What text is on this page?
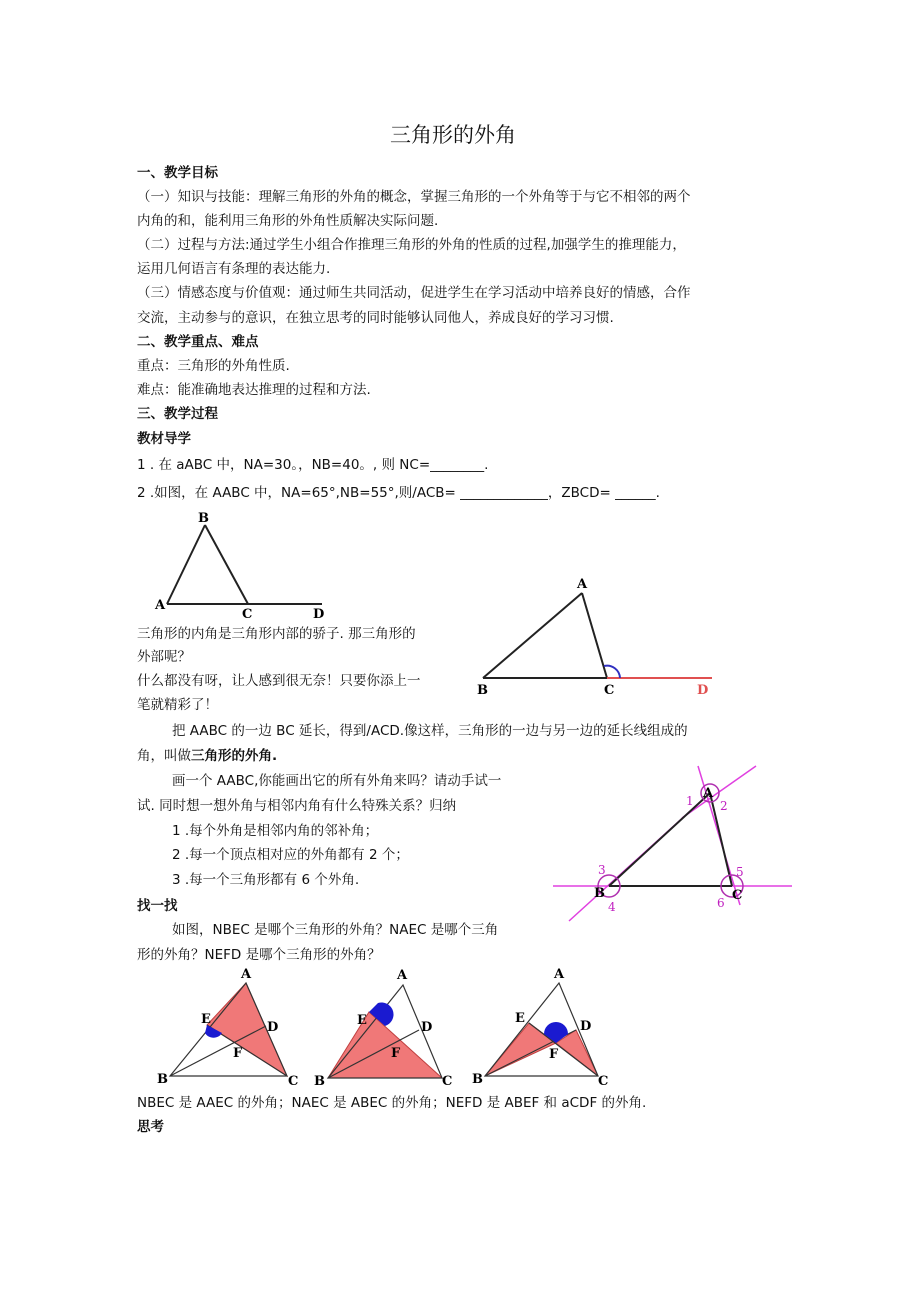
三角形的外角
一、教学目标
（一）知识与技能：理解三角形的外角的概念，掌握三角形的一个外角等于与它不相邻的两个
内角的和，能利用三角形的外角性质解决实际问题.
（二）过程与方法:通过学生小组合作推理三角形的外角的性质的过程,加强学生的推理能力，
运用几何语言有条理的表达能力.
（三）情感态度与价值观：通过师生共同活动，促进学生在学习活动中培养良好的情感，合作
交流，主动参与的意识，在独立思考的同时能够认同他人，养成良好的学习习惯.
二、教学重点、难点
重点：三角形的外角性质.
难点：能准确地表达推理的过程和方法.
三、教学过程
教材导学
1 . 在 aABC 中，NA=30。，NB=40。, 则 NC=________.
2 .如图，在 AABC 中，NA=65°,NB=55°,则/ACB= _____________，ZBCD= ______.
B
A
C	D
三角形的内角是三角形内部的骄子. 那三角形的
外部呢？
什么都没有呀，让人感到很无奈！只要你添上一
笔就精彩了！
A
B	C	D
把 AABC 的一边 BC 延长，得到/ACD.像这样，三角形的一边与另一边的延长线组成的
角，叫做三角形的外角.
画一个 AABC,你能画出它的所有外角来吗？请动手试一
试. 同时想一想外角与相邻内角有什么特殊关系？归纳
1 .每个外角是相邻内角的邻补角；
2 .每一个顶点相对应的外角都有 2 个；
3 .每一个三角形都有 6 个外角.
A
B	C
1 2
3
4
5
6
找一找
如图，NBEC 是哪个三角形的外角？NAEC 是哪个三角
形的外角？NEFD 是哪个三角形的外角？
A
E
D
F
B	C
A
E	D
F
B	C
A
E
D
F
B	C
NBEC 是 AAEC 的外角；NAEC 是 ABEC 的外角；NEFD 是 ABEF 和 aCDF 的外角.
思考
